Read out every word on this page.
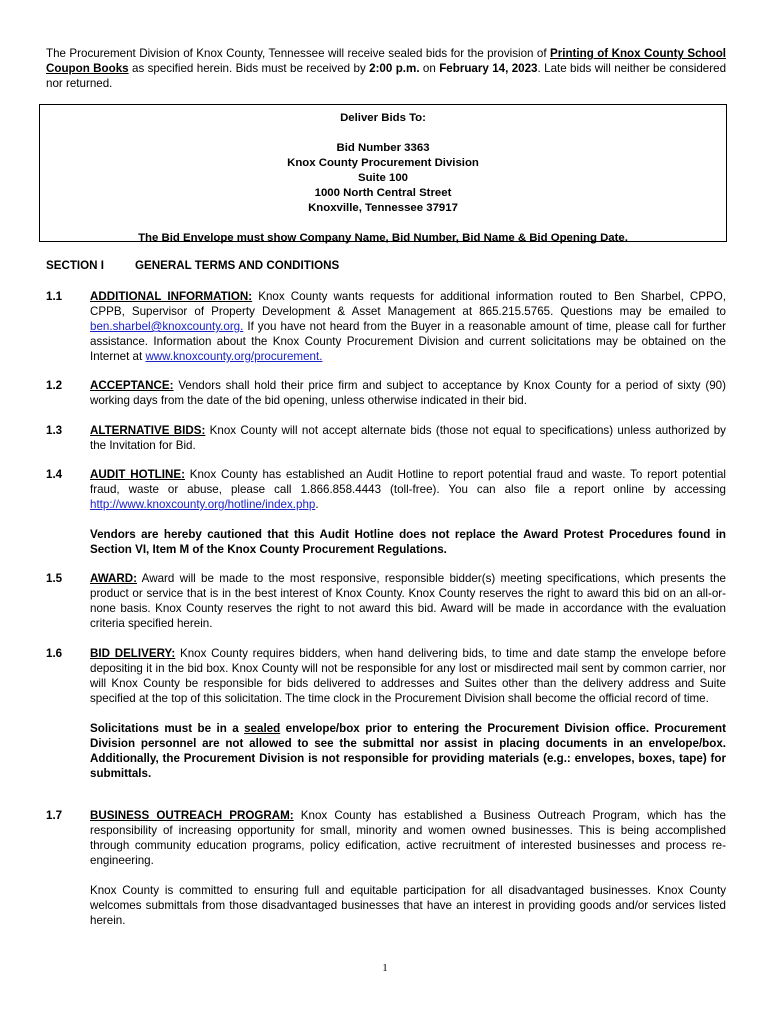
The Procurement Division of Knox County, Tennessee will receive sealed bids for the provision of Printing of Knox County School Coupon Books as specified herein. Bids must be received by 2:00 p.m. on February 14, 2023. Late bids will neither be considered nor returned.

Deliver Bids To:
Bid Number 3363
Knox County Procurement Division
Suite 100
1000 North Central Street
Knoxville, Tennessee 37917
The Bid Envelope must show Company Name, Bid Number, Bid Name & Bid Opening Date.
SECTION I	GENERAL TERMS AND CONDITIONS
1.1 ADDITIONAL INFORMATION: Knox County wants requests for additional information routed to Ben Sharbel, CPPO, CPPB, Supervisor of Property Development & Asset Management at 865.215.5765. Questions may be emailed to ben.sharbel@knoxcounty.org. If you have not heard from the Buyer in a reasonable amount of time, please call for further assistance. Information about the Knox County Procurement Division and current solicitations may be obtained on the Internet at www.knoxcounty.org/procurement.

1.2 ACCEPTANCE: Vendors shall hold their price firm and subject to acceptance by Knox County for a period of sixty (90) working days from the date of the bid opening, unless otherwise indicated in their bid.

1.3 ALTERNATIVE BIDS: Knox County will not accept alternate bids (those not equal to specifications) unless authorized by the Invitation for Bid.

1.4 AUDIT HOTLINE: Knox County has established an Audit Hotline to report potential fraud and waste. To report potential fraud, waste or abuse, please call 1.866.858.4443 (toll-free). You can also file a report online by accessing http://www.knoxcounty.org/hotline/index.php.

Vendors are hereby cautioned that this Audit Hotline does not replace the Award Protest Procedures found in Section VI, Item M of the Knox County Procurement Regulations.

1.5 AWARD: Award will be made to the most responsive, responsible bidder(s) meeting specifications, which presents the product or service that is in the best interest of Knox County. Knox County reserves the right to award this bid on an all-or-none basis. Knox County reserves the right to not award this bid. Award will be made in accordance with the evaluation criteria specified herein.

1.6 BID DELIVERY: Knox County requires bidders, when hand delivering bids, to time and date stamp the envelope before depositing it in the bid box. Knox County will not be responsible for any lost or misdirected mail sent by common carrier, nor will Knox County be responsible for bids delivered to addresses and Suites other than the delivery address and Suite specified at the top of this solicitation. The time clock in the Procurement Division shall become the official record of time.

Solicitations must be in a sealed envelope/box prior to entering the Procurement Division office. Procurement Division personnel are not allowed to see the submittal nor assist in placing documents in an envelope/box. Additionally, the Procurement Division is not responsible for providing materials (e.g.: envelopes, boxes, tape) for submittals.

1.7 BUSINESS OUTREACH PROGRAM: Knox County has established a Business Outreach Program, which has the responsibility of increasing opportunity for small, minority and women owned businesses. This is being accomplished through community education programs, policy edification, active recruitment of interested businesses and process re-engineering.

Knox County is committed to ensuring full and equitable participation for all disadvantaged businesses. Knox County welcomes submittals from those disadvantaged businesses that have an interest in providing goods and/or services listed herein.

1
